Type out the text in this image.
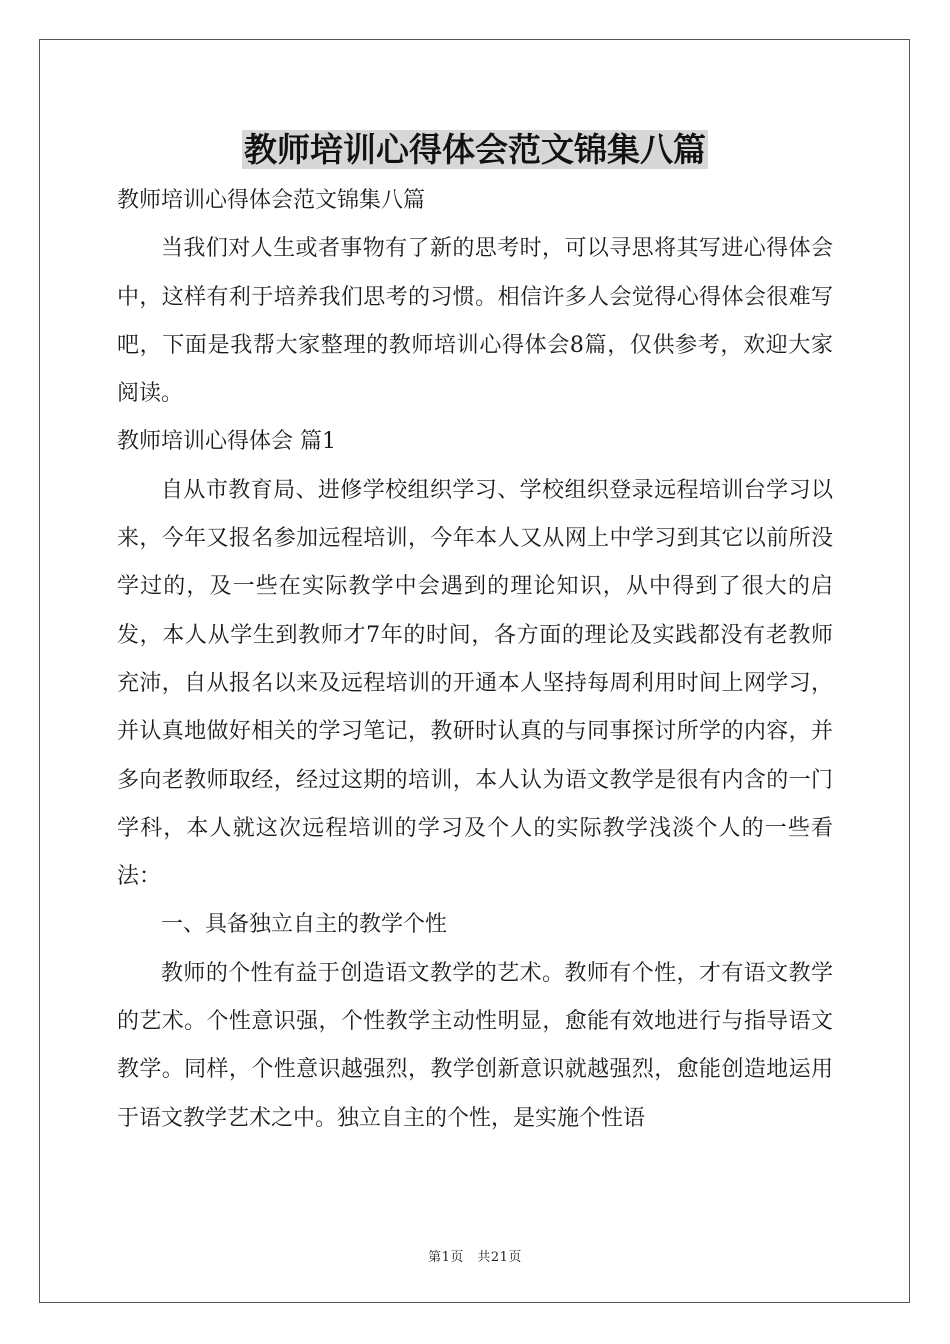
教师培训心得体会范文锦集八篇

教师培训心得体会范文锦集八篇

当我们对人生或者事物有了新的思考时，可以寻思将其写进心得体会中，这样有利于培养我们思考的习惯。相信许多人会觉得心得体会很难写吧，下面是我帮大家整理的教师培训心得体会8篇，仅供参考，欢迎大家阅读。

教师培训心得体会 篇1

自从市教育局、进修学校组织学习、学校组织登录远程培训台学习以来，今年又报名参加远程培训，今年本人又从网上中学习到其它以前所没学过的，及一些在实际教学中会遇到的理论知识，从中得到了很大的启发，本人从学生到教师才7年的时间，各方面的理论及实践都没有老教师充沛，自从报名以来及远程培训的开通本人坚持每周利用时间上网学习，并认真地做好相关的学习笔记，教研时认真的与同事探讨所学的内容，并多向老教师取经，经过这期的培训，本人认为语文教学是很有内含的一门学科，本人就这次远程培训的学习及个人的实际教学浅淡个人的一些看法：

一、具备独立自主的教学个性

教师的个性有益于创造语文教学的艺术。教师有个性，才有语文教学的艺术。个性意识强，个性教学主动性明显，愈能有效地进行与指导语文教学。同样，个性意识越强烈，教学创新意识就越强烈，愈能创造地运用于语文教学艺术之中。独立自主的个性，是实施个性语

第1页　共21页
